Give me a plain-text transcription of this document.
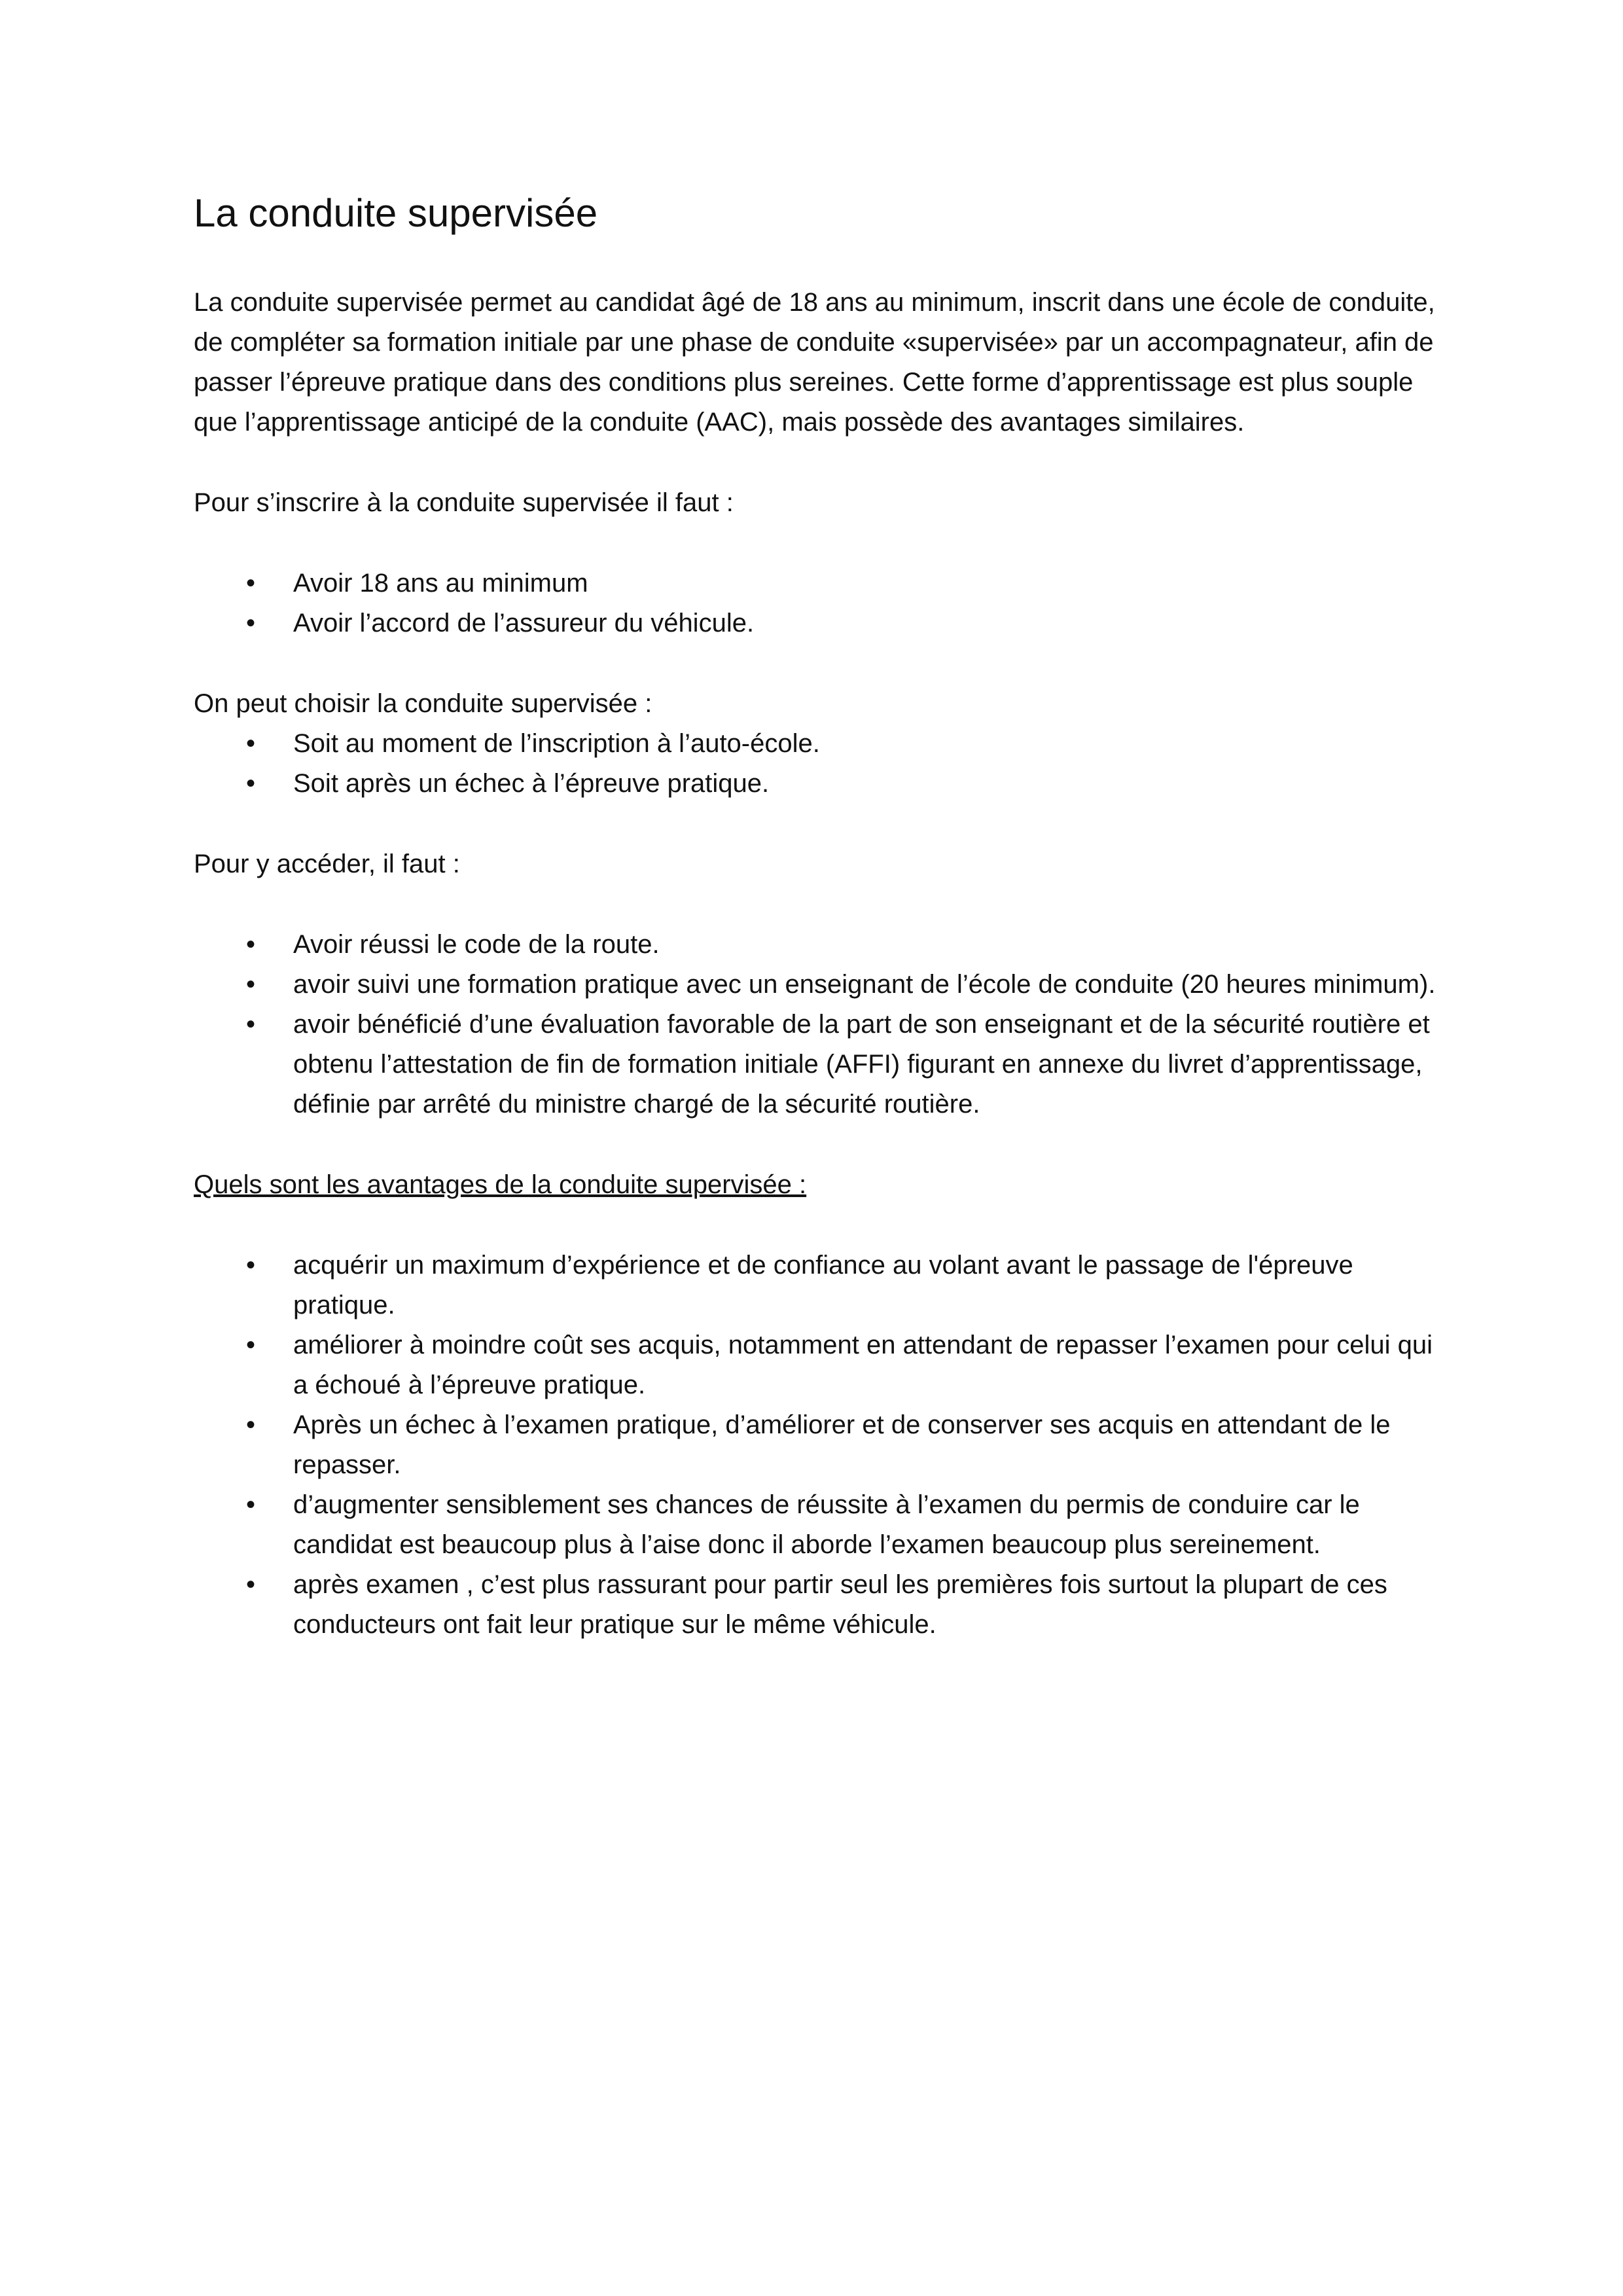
La conduite supervisée

La conduite supervisée permet au candidat âgé de 18 ans au minimum, inscrit dans une école de conduite, de compléter sa formation initiale par une phase de conduite «supervisée» par un accompagnateur, afin de passer l’épreuve pratique dans des conditions plus sereines. Cette forme d’apprentissage est plus souple que l’apprentissage anticipé de la conduite (AAC), mais possède des avantages similaires.

Pour s’inscrire à la conduite supervisée il faut :

• Avoir 18 ans au minimum
• Avoir l’accord de l’assureur du véhicule.

On peut choisir la conduite supervisée :

• Soit au moment de l’inscription à l’auto-école.
• Soit après un échec à l’épreuve pratique.

Pour y accéder, il faut :

• Avoir réussi le code de la route.
• avoir suivi une formation pratique avec un enseignant de l’école de conduite (20 heures minimum).
• avoir bénéficié d’une évaluation favorable de la part de son enseignant et de la sécurité routière et obtenu l’attestation de fin de formation initiale (AFFI) figurant en annexe du livret d’apprentissage, définie par arrêté du ministre chargé de la sécurité routière.

Quels sont les avantages de la conduite supervisée :

• acquérir un maximum d’expérience et de confiance au volant avant le passage de l'épreuve pratique.
• améliorer à moindre coût ses acquis, notamment en attendant de repasser l’examen pour celui qui a échoué à l’épreuve pratique.
• Après un échec à l’examen pratique, d’améliorer et de conserver ses acquis en attendant de le repasser.
• d’augmenter sensiblement ses chances de réussite à l’examen du permis de conduire car le candidat est beaucoup plus à l’aise donc il aborde l’examen beaucoup plus sereinement.
• après examen , c’est plus rassurant pour partir seul les premières fois surtout la plupart de ces conducteurs ont fait leur pratique sur le même véhicule.
